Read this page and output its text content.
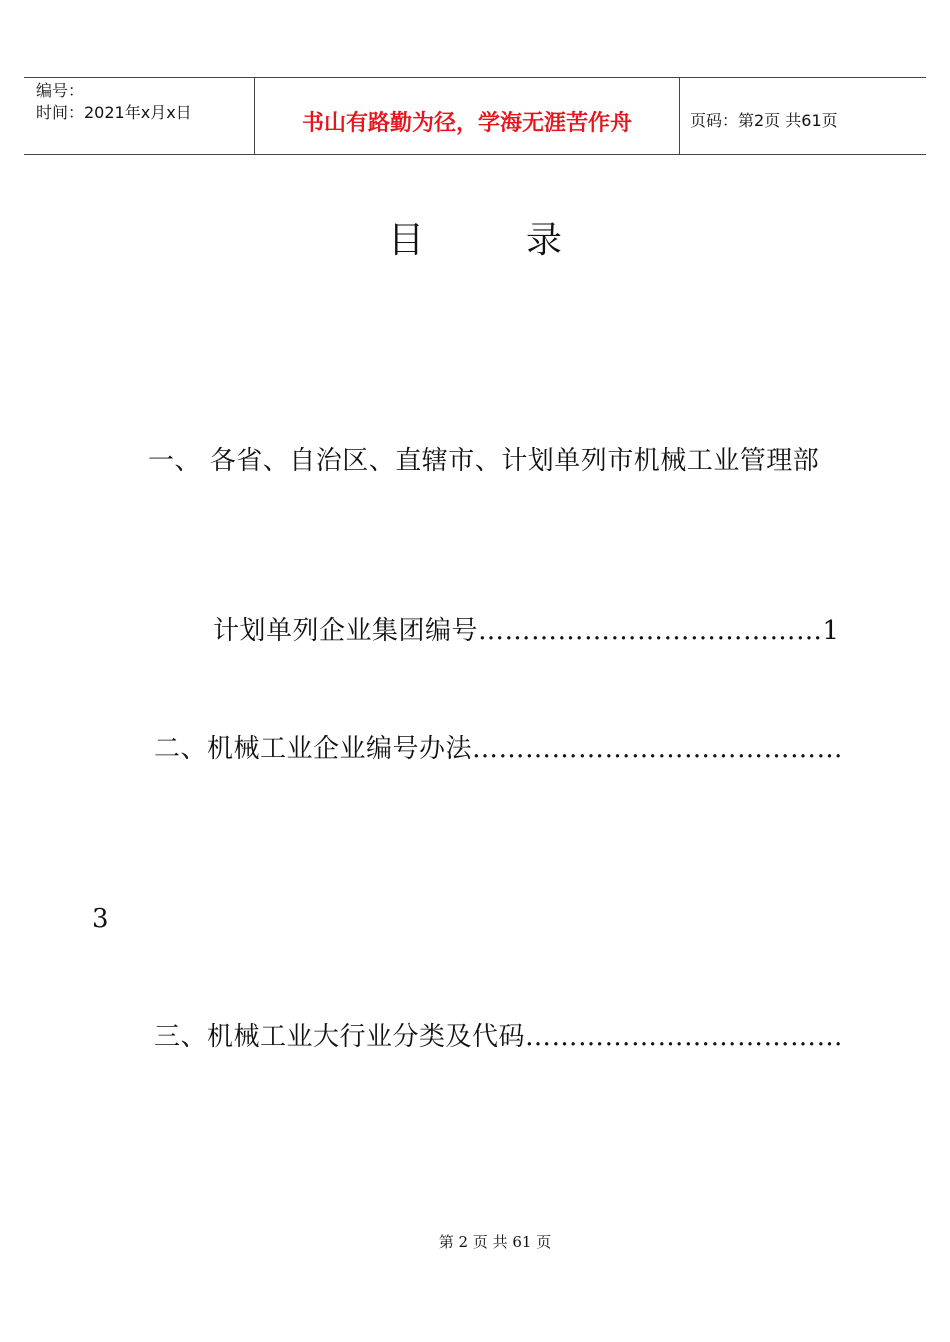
编号：
时间：2021年x月x日	书山有路勤为径，学海无涯苦作舟	页码：第2页 共61页
目	录
一、 各省、自治区、直辖市、计划单列市机械工业管理部
计划单列企业集团编号…………………………………1
二、机械工业企业编号办法……………………………………
3
三、机械工业大行业分类及代码………………………………
第 2 页 共 61 页
